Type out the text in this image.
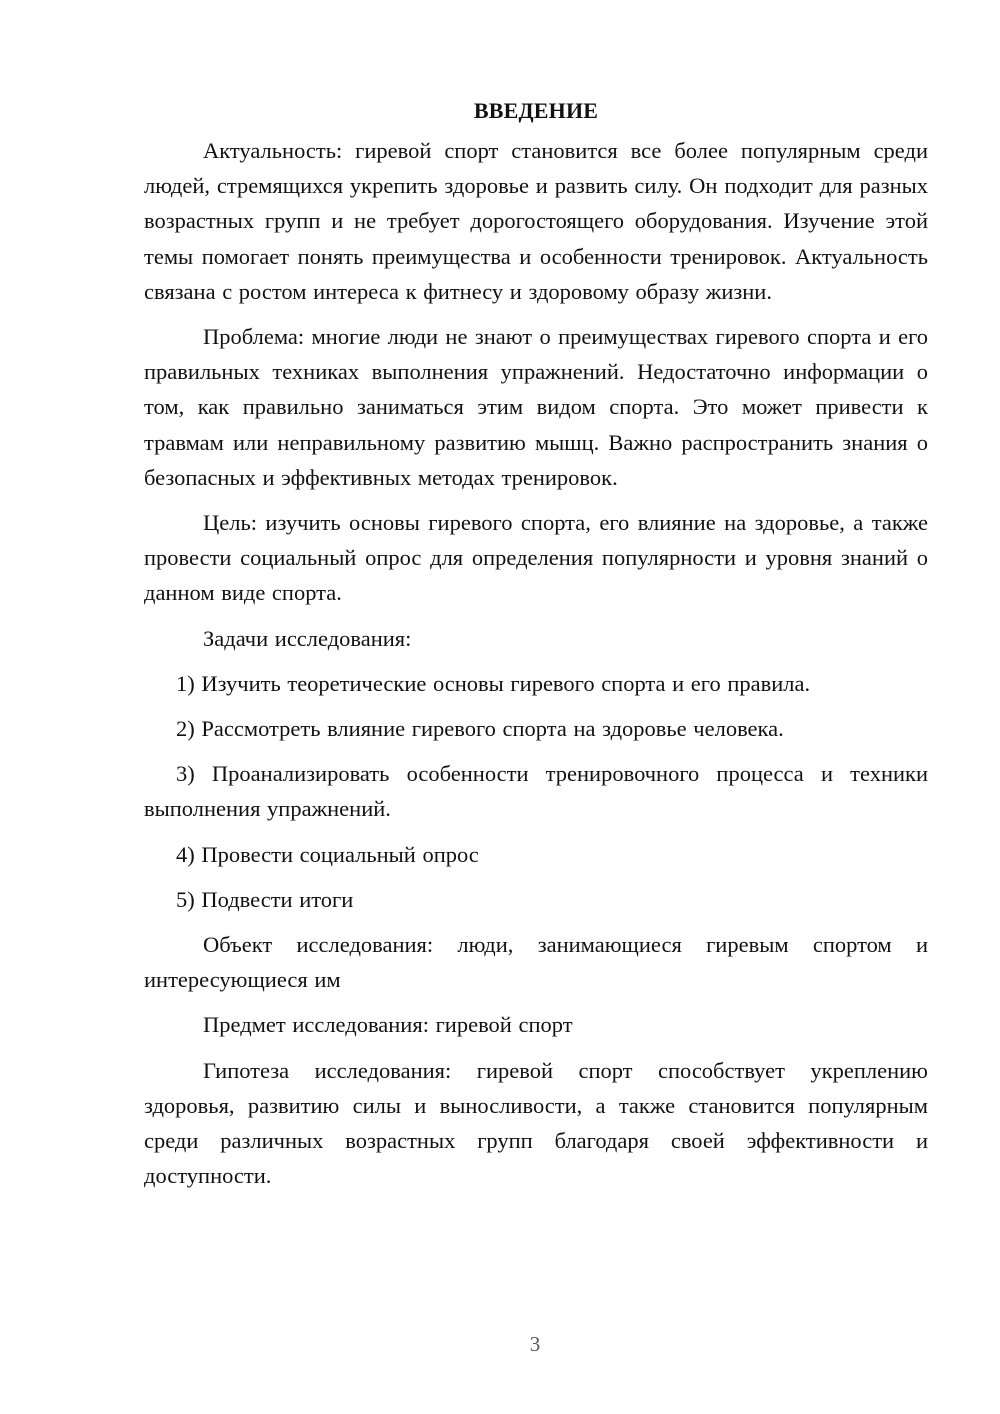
ВВЕДЕНИЕ

Актуальность: гиревой спорт становится все более популярным среди людей, стремящихся укрепить здоровье и развить силу. Он подходит для разных возрастных групп и не требует дорогостоящего оборудования. Изучение этой темы помогает понять преимущества и особенности тренировок. Актуальность связана с ростом интереса к фитнесу и здоровому образу жизни.

Проблема: многие люди не знают о преимуществах гиревого спорта и его правильных техниках выполнения упражнений. Недостаточно информации о том, как правильно заниматься этим видом спорта. Это может привести к травмам или неправильному развитию мышц. Важно распространить знания о безопасных и эффективных методах тренировок.

Цель: изучить основы гиревого спорта, его влияние на здоровье, а также провести социальный опрос для определения популярности и уровня знаний о данном виде спорта.

Задачи исследования:

1) Изучить теоретические основы гиревого спорта и его правила.

2) Рассмотреть влияние гиревого спорта на здоровье человека.

3) Проанализировать особенности тренировочного процесса и техники выполнения упражнений.

4) Провести социальный опрос

5) Подвести итоги

Объект исследования: люди, занимающиеся гиревым спортом и интересующиеся им

Предмет исследования: гиревой спорт

Гипотеза исследования: гиревой спорт способствует укреплению здоровья, развитию силы и выносливости, а также становится популярным среди различных возрастных групп благодаря своей эффективности и доступности.

3
